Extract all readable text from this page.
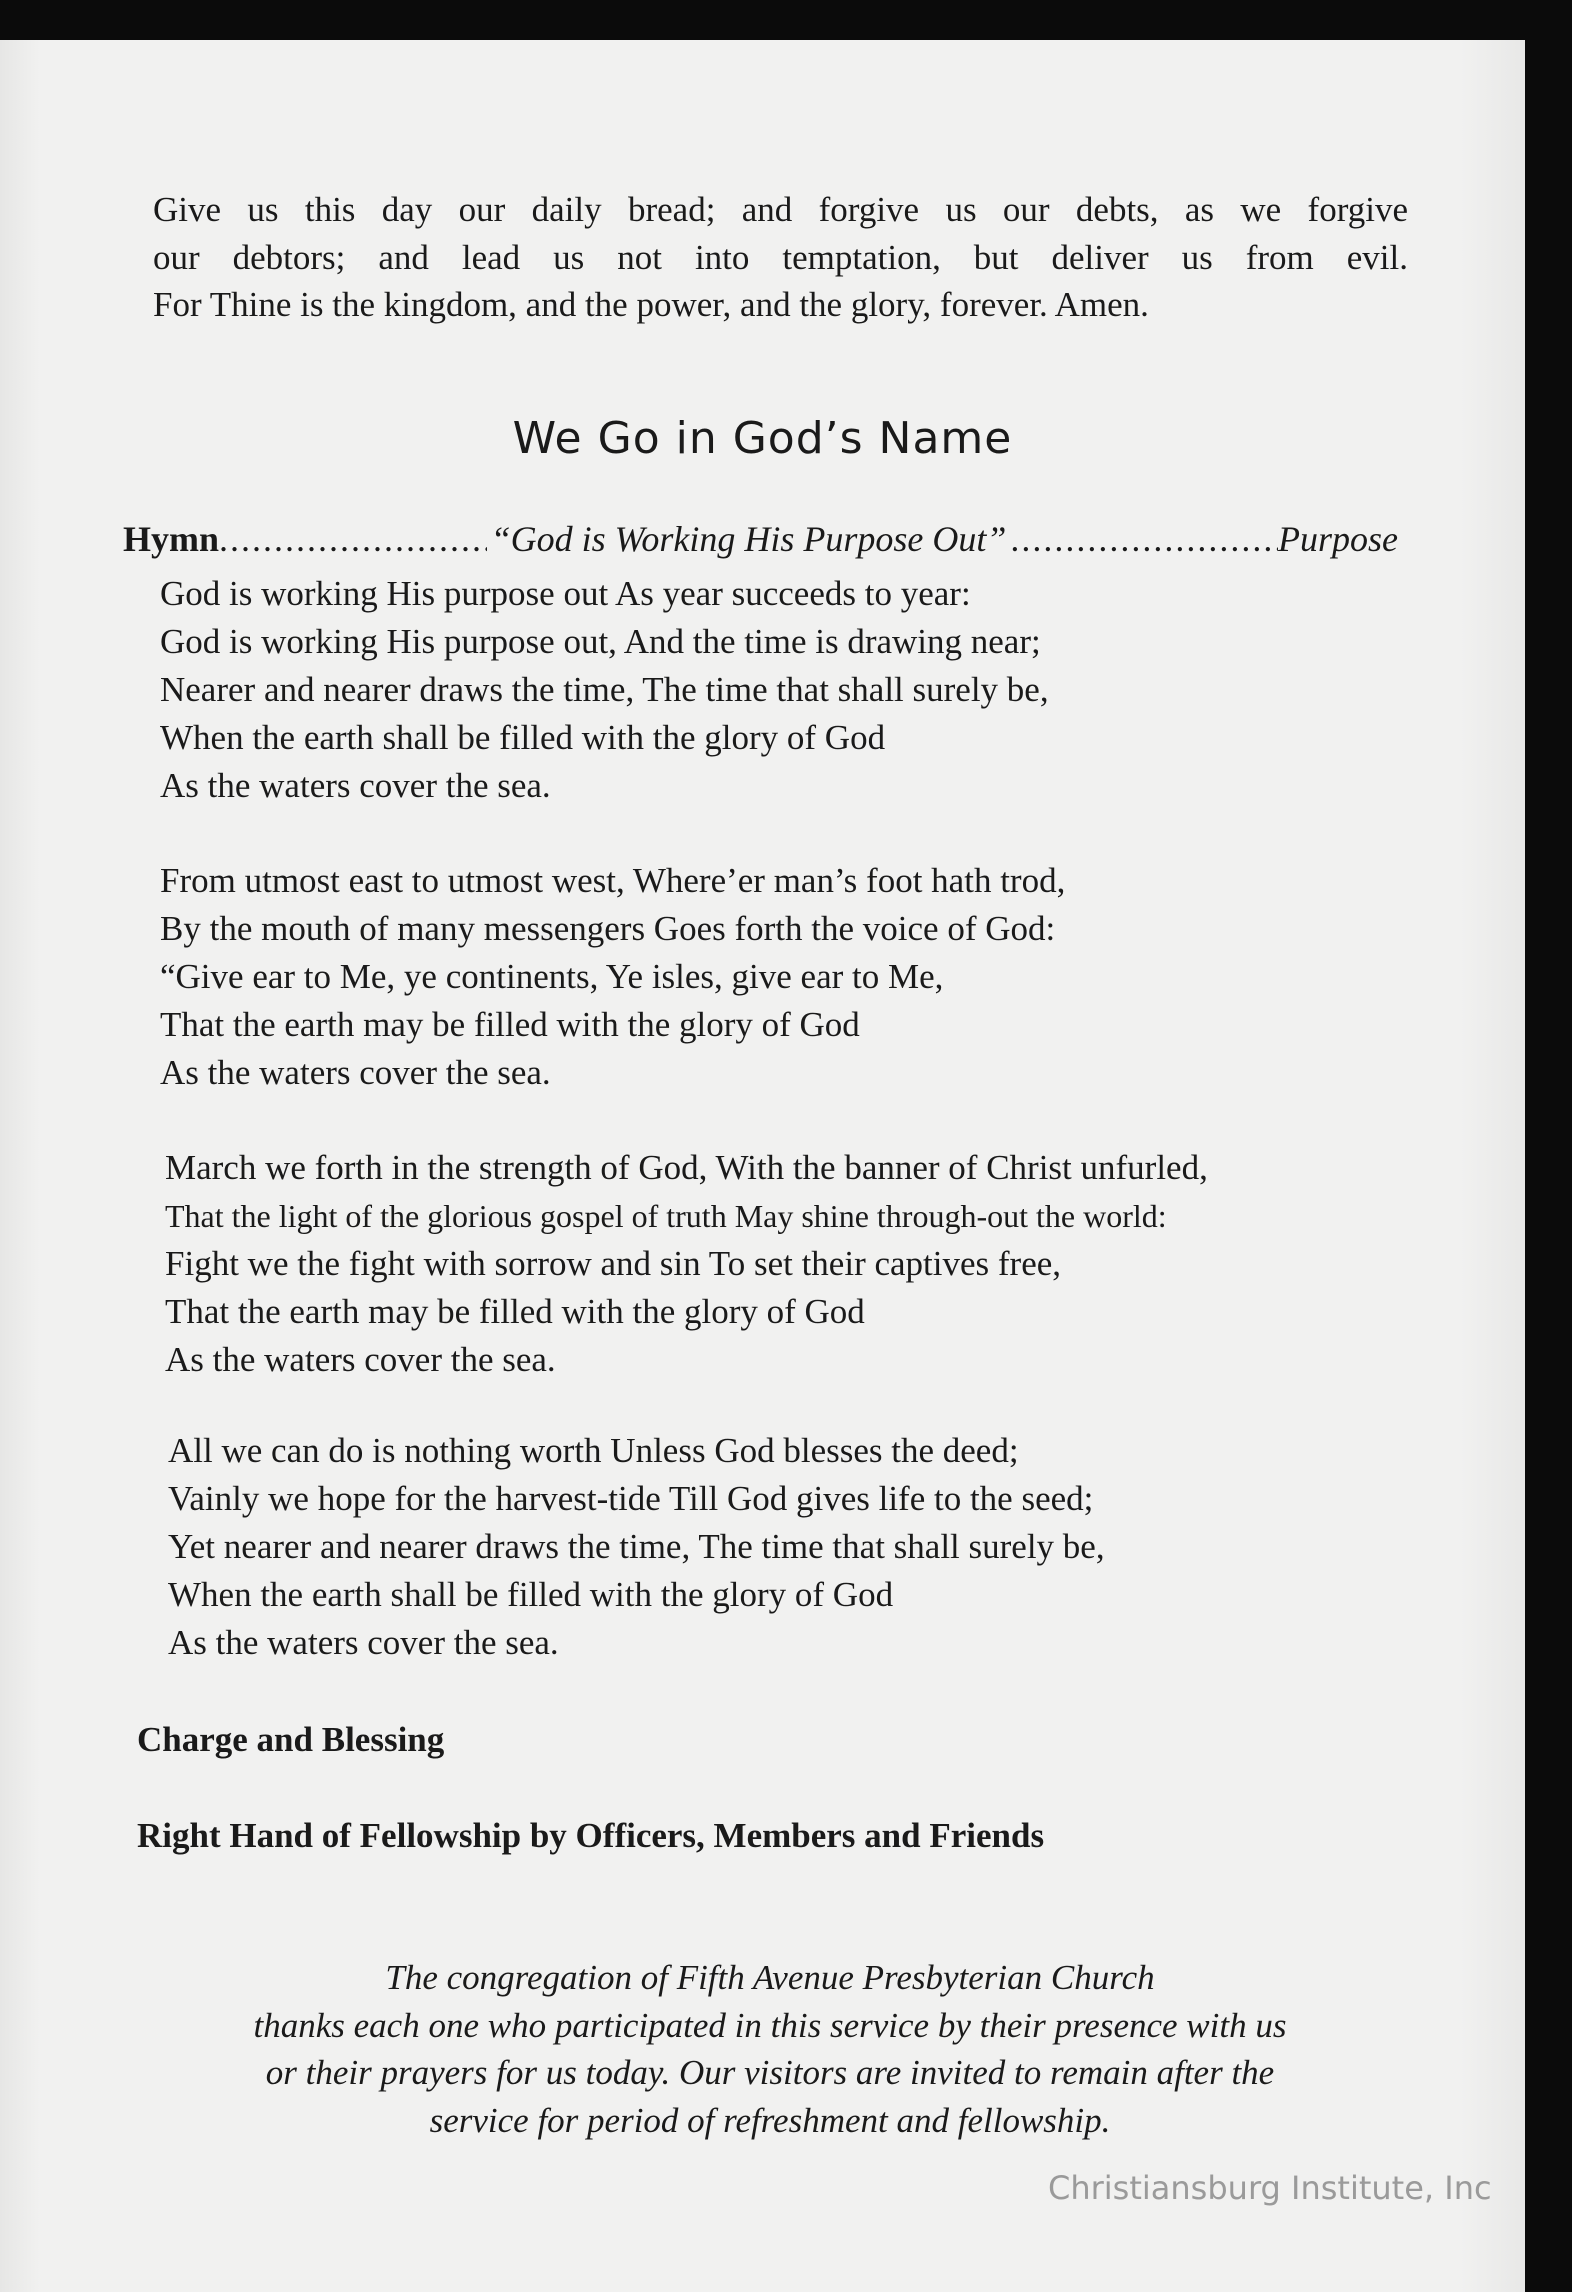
Give us this day our daily bread; and forgive us our debts, as we forgive
our debtors; and lead us not into temptation, but deliver us from evil.
For Thine is the kingdom, and the power, and the glory, forever. Amen.
We Go in God’s Name
Hymn .....	“God is Working His Purpose Out” .....	Purpose
God is working His purpose out As year succeeds to year:
God is working His purpose out, And the time is drawing near;
Nearer and nearer draws the time, The time that shall surely be,
When the earth shall be filled with the glory of God
As the waters cover the sea.
From utmost east to utmost west, Where’er man’s foot hath trod,
By the mouth of many messengers Goes forth the voice of God:
“Give ear to Me, ye continents, Ye isles, give ear to Me,
That the earth may be filled with the glory of God
As the waters cover the sea.
March we forth in the strength of God, With the banner of Christ unfurled,
That the light of the glorious gospel of truth May shine through-out the world:
Fight we the fight with sorrow and sin To set their captives free,
That the earth may be filled with the glory of God
As the waters cover the sea.
All we can do is nothing worth Unless God blesses the deed;
Vainly we hope for the harvest-tide Till God gives life to the seed;
Yet nearer and nearer draws the time, The time that shall surely be,
When the earth shall be filled with the glory of God
As the waters cover the sea.
Charge and Blessing
Right Hand of Fellowship by Officers, Members and Friends
The congregation of Fifth Avenue Presbyterian Church
thanks each one who participated in this service by their presence with us
or their prayers for us today. Our visitors are invited to remain after the
service for period of refreshment and fellowship.
Christiansburg Institute, Inc
